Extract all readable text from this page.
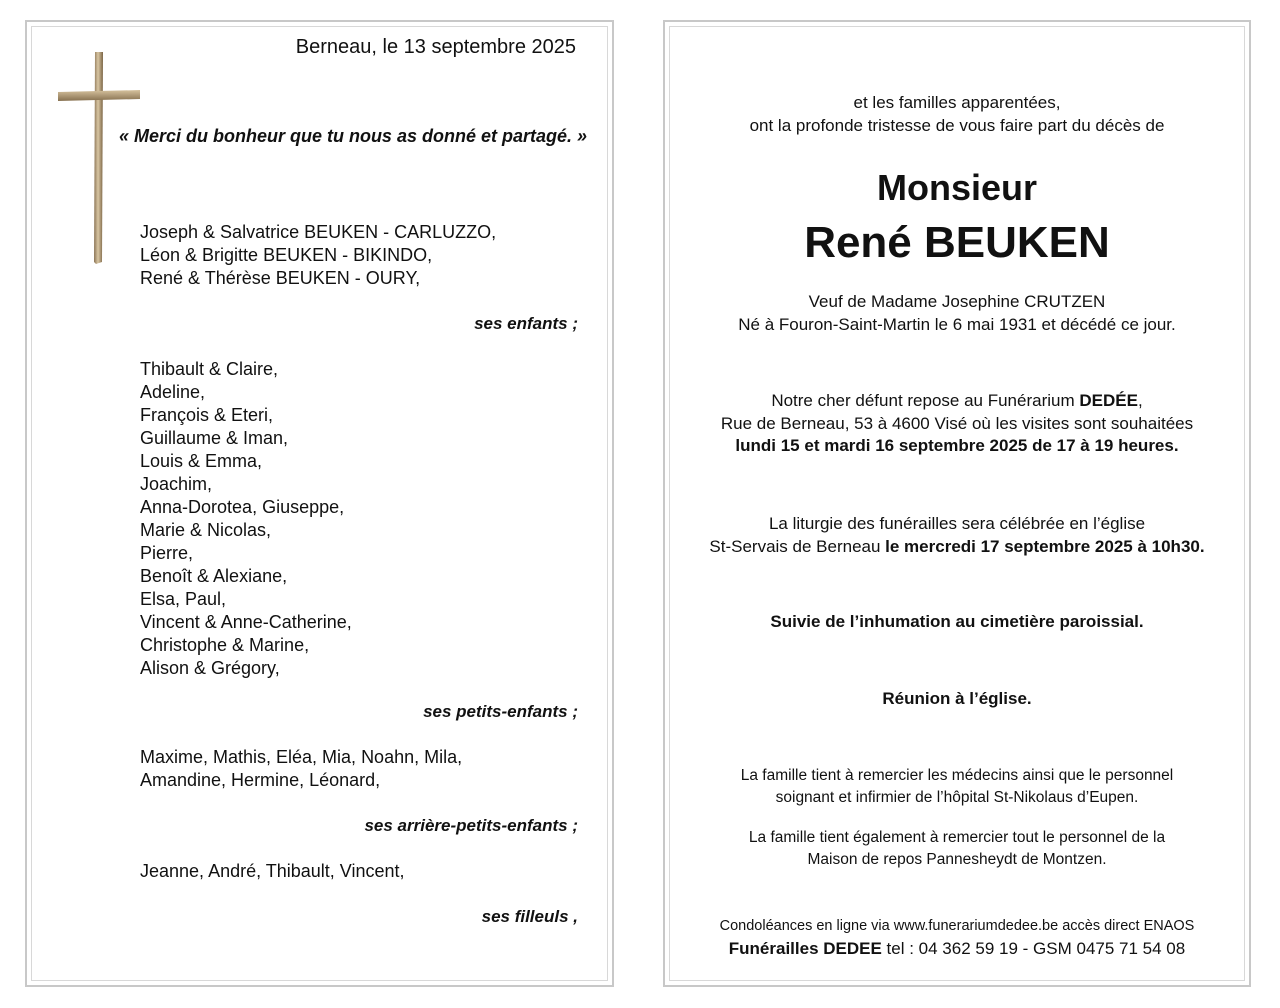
Berneau, le 13 septembre 2025
« Merci du bonheur que tu nous as donné et partagé. »
Joseph & Salvatrice BEUKEN - CARLUZZO,
Léon & Brigitte BEUKEN - BIKINDO,
René & Thérèse BEUKEN - OURY,
ses enfants ;
Thibault & Claire,
Adeline,
François & Eteri,
Guillaume & Iman,
Louis & Emma,
Joachim,
Anna-Dorotea, Giuseppe,
Marie & Nicolas,
Pierre,
Benoît & Alexiane,
Elsa, Paul,
Vincent & Anne-Catherine,
Christophe & Marine,
Alison & Grégory,
ses petits-enfants ;
Maxime, Mathis, Eléa, Mia, Noahn, Mila,
Amandine, Hermine, Léonard,
ses arrière-petits-enfants ;
Jeanne, André, Thibault, Vincent,
ses filleuls ,
et les familles apparentées,
ont la profonde tristesse de vous faire part du décès de
Monsieur
René BEUKEN
Veuf de Madame Josephine CRUTZEN
Né à Fouron-Saint-Martin le 6 mai 1931 et décédé ce jour.
Notre cher défunt repose au Funérarium DEDÉE,
Rue de Berneau, 53 à 4600 Visé où les visites sont souhaitées
lundi 15 et mardi 16 septembre 2025 de 17 à 19 heures.
La liturgie des funérailles sera célébrée en l’église
St-Servais de Berneau le mercredi 17 septembre 2025 à 10h30.
Suivie de l’inhumation au cimetière paroissial.
Réunion à l’église.
La famille tient à remercier les médecins ainsi que le personnel
soignant et infirmier de l’hôpital St-Nikolaus d’Eupen.
La famille tient également à remercier tout le personnel de la
Maison de repos Pannesheydt de Montzen.
Condoléances en ligne via www.funerariumdedee.be accès direct ENAOS
Funérailles DEDEE tel : 04 362 59 19 - GSM 0475 71 54 08
